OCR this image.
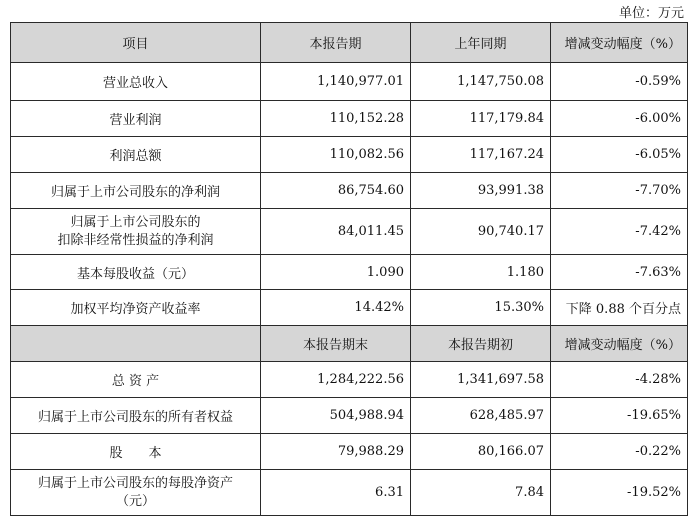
单位：万元
项目	本报告期	上年同期	增减变动幅度（%）
营业总收入	1,140,977.01	1,147,750.08	-0.59%
营业利润	110,152.28	117,179.84	-6.00%
利润总额	110,082.56	117,167.24	-6.05%
归属于上市公司股东的净利润	86,754.60	93,991.38	-7.70%

归属于上市公司股东的
扣除非经常性损益的净利润	84,011.45	90,740.17	-7.42%
基本每股收益（元）	1.090	1.180	-7.63%
加权平均净资产收益率	14.42%	15.30%	下降 0.88 个百分点
	本报告期末	本报告期初	增减变动幅度（%）
总 资 产	1,284,222.56	1,341,697.58	-4.28%
归属于上市公司股东的所有者权益	504,988.94	628,485.97	-19.65%
股　　本	79,988.29	80,166.07	-0.22%

归属于上市公司股东的每股净资产
（元）	6.31	7.84	-19.52%
